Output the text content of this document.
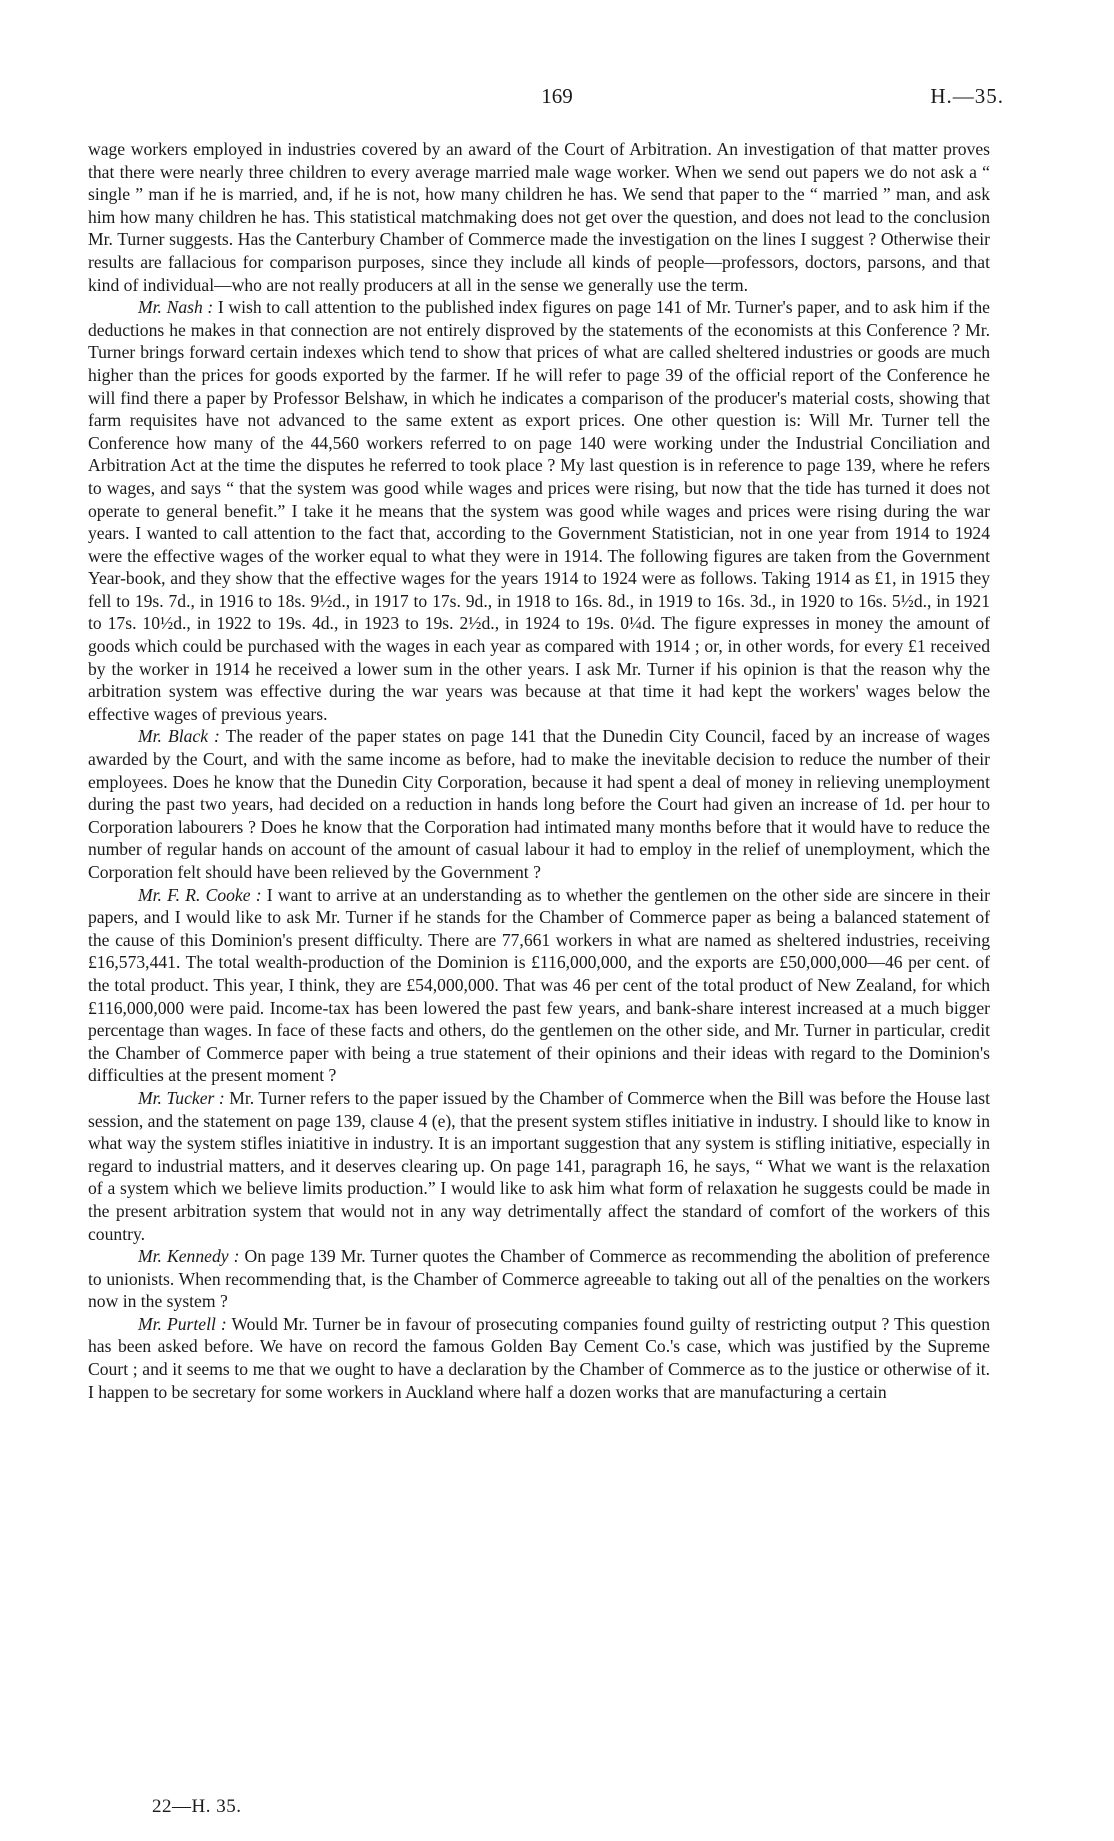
169	H.—35.

wage workers employed in industries covered by an award of the Court of Arbitration. An investigation of that matter proves that there were nearly three children to every average married male wage worker. When we send out papers we do not ask a “ single ” man if he is married, and, if he is not, how many children he has. We send that paper to the “ married ” man, and ask him how many children he has. This statistical matchmaking does not get over the question, and does not lead to the conclusion Mr. Turner suggests. Has the Canterbury Chamber of Commerce made the investigation on the lines I suggest ? Otherwise their results are fallacious for comparison purposes, since they include all kinds of people—professors, doctors, parsons, and that kind of individual—who are not really producers at all in the sense we generally use the term.

Mr. Nash : I wish to call attention to the published index figures on page 141 of Mr. Turner's paper, and to ask him if the deductions he makes in that connection are not entirely disproved by the statements of the economists at this Conference ? Mr. Turner brings forward certain indexes which tend to show that prices of what are called sheltered industries or goods are much higher than the prices for goods exported by the farmer. If he will refer to page 39 of the official report of the Conference he will find there a paper by Professor Belshaw, in which he indicates a comparison of the producer's material costs, showing that farm requisites have not advanced to the same extent as export prices. One other question is: Will Mr. Turner tell the Conference how many of the 44,560 workers referred to on page 140 were working under the Industrial Conciliation and Arbitration Act at the time the disputes he referred to took place ? My last question is in reference to page 139, where he refers to wages, and says “ that the system was good while wages and prices were rising, but now that the tide has turned it does not operate to general benefit.” I take it he means that the system was good while wages and prices were rising during the war years. I wanted to call attention to the fact that, according to the Government Statistician, not in one year from 1914 to 1924 were the effective wages of the worker equal to what they were in 1914. The following figures are taken from the Government Year-book, and they show that the effective wages for the years 1914 to 1924 were as follows. Taking 1914 as £1, in 1915 they fell to 19s. 7d., in 1916 to 18s. 9½d., in 1917 to 17s. 9d., in 1918 to 16s. 8d., in 1919 to 16s. 3d., in 1920 to 16s. 5½d., in 1921 to 17s. 10½d., in 1922 to 19s. 4d., in 1923 to 19s. 2½d., in 1924 to 19s. 0¼d. The figure expresses in money the amount of goods which could be purchased with the wages in each year as compared with 1914 ; or, in other words, for every £1 received by the worker in 1914 he received a lower sum in the other years. I ask Mr. Turner if his opinion is that the reason why the arbitration system was effective during the war years was because at that time it had kept the workers' wages below the effective wages of previous years.

Mr. Black : The reader of the paper states on page 141 that the Dunedin City Council, faced by an increase of wages awarded by the Court, and with the same income as before, had to make the inevitable decision to reduce the number of their employees. Does he know that the Dunedin City Corporation, because it had spent a deal of money in relieving unemployment during the past two years, had decided on a reduction in hands long before the Court had given an increase of 1d. per hour to Corporation labourers ? Does he know that the Corporation had intimated many months before that it would have to reduce the number of regular hands on account of the amount of casual labour it had to employ in the relief of unemployment, which the Corporation felt should have been relieved by the Government ?

Mr. F. R. Cooke : I want to arrive at an understanding as to whether the gentlemen on the other side are sincere in their papers, and I would like to ask Mr. Turner if he stands for the Chamber of Commerce paper as being a balanced statement of the cause of this Dominion's present difficulty. There are 77,661 workers in what are named as sheltered industries, receiving £16,573,441. The total wealth-production of the Dominion is £116,000,000, and the exports are £50,000,000—46 per cent. of the total product. This year, I think, they are £54,000,000. That was 46 per cent of the total product of New Zealand, for which £116,000,000 were paid. Income-tax has been lowered the past few years, and bank-share interest increased at a much bigger percentage than wages. In face of these facts and others, do the gentlemen on the other side, and Mr. Turner in particular, credit the Chamber of Commerce paper with being a true statement of their opinions and their ideas with regard to the Dominion's difficulties at the present moment ?

Mr. Tucker : Mr. Turner refers to the paper issued by the Chamber of Commerce when the Bill was before the House last session, and the statement on page 139, clause 4 (e), that the present system stifles initiative in industry. I should like to know in what way the system stifles iniatitive in industry. It is an important suggestion that any system is stifling initiative, especially in regard to industrial matters, and it deserves clearing up. On page 141, paragraph 16, he says, “ What we want is the relaxation of a system which we believe limits production.” I would like to ask him what form of relaxation he suggests could be made in the present arbitration system that would not in any way detrimentally affect the standard of comfort of the workers of this country.

Mr. Kennedy : On page 139 Mr. Turner quotes the Chamber of Commerce as recommending the abolition of preference to unionists. When recommending that, is the Chamber of Commerce agreeable to taking out all of the penalties on the workers now in the system ?

Mr. Purtell : Would Mr. Turner be in favour of prosecuting companies found guilty of restricting output ? This question has been asked before. We have on record the famous Golden Bay Cement Co.'s case, which was justified by the Supreme Court ; and it seems to me that we ought to have a declaration by the Chamber of Commerce as to the justice or otherwise of it. I happen to be secretary for some workers in Auckland where half a dozen works that are manufacturing a certain

22—H. 35.
